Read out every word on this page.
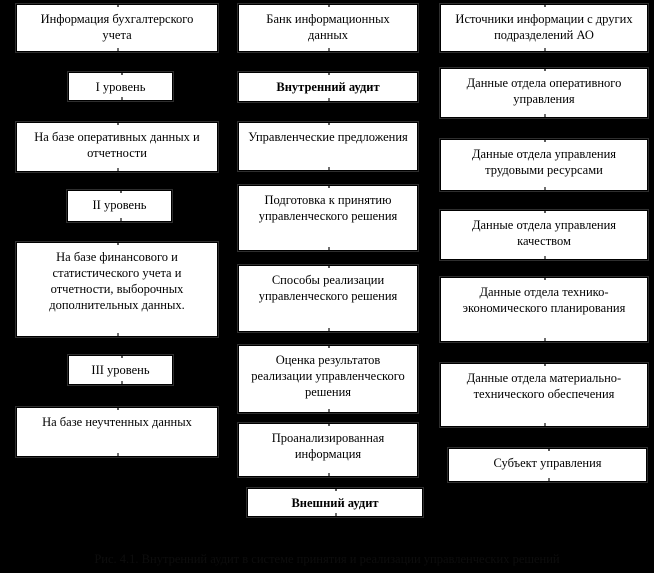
Информация бухгалтерского учета
I уровень
На базе оперативных данных и отчетности
II уровень
На базе финансового и статистического учета и отчетности, выборочных дополнительных данных.
III уровень
На базе неучтенных данных
Банк информационных данных
Внутренний аудит
Управленческие предложения
Подготовка к принятию управленческого решения
Способы реализации управленческого решения
Оценка результатов реализации управленческого решения
Проанализированная информация
Внешний аудит
Источники информации с других подразделений АО
Данные отдела оперативного управления
Данные отдела управления трудовыми ресурсами
Данные отдела управления качеством
Данные отдела технико-экономического планирования
Данные отдела материально-технического обеспечения
Субъект управления
Рис. 4.1. Внутренний аудит в системе принятия и реализации управленческих решений
